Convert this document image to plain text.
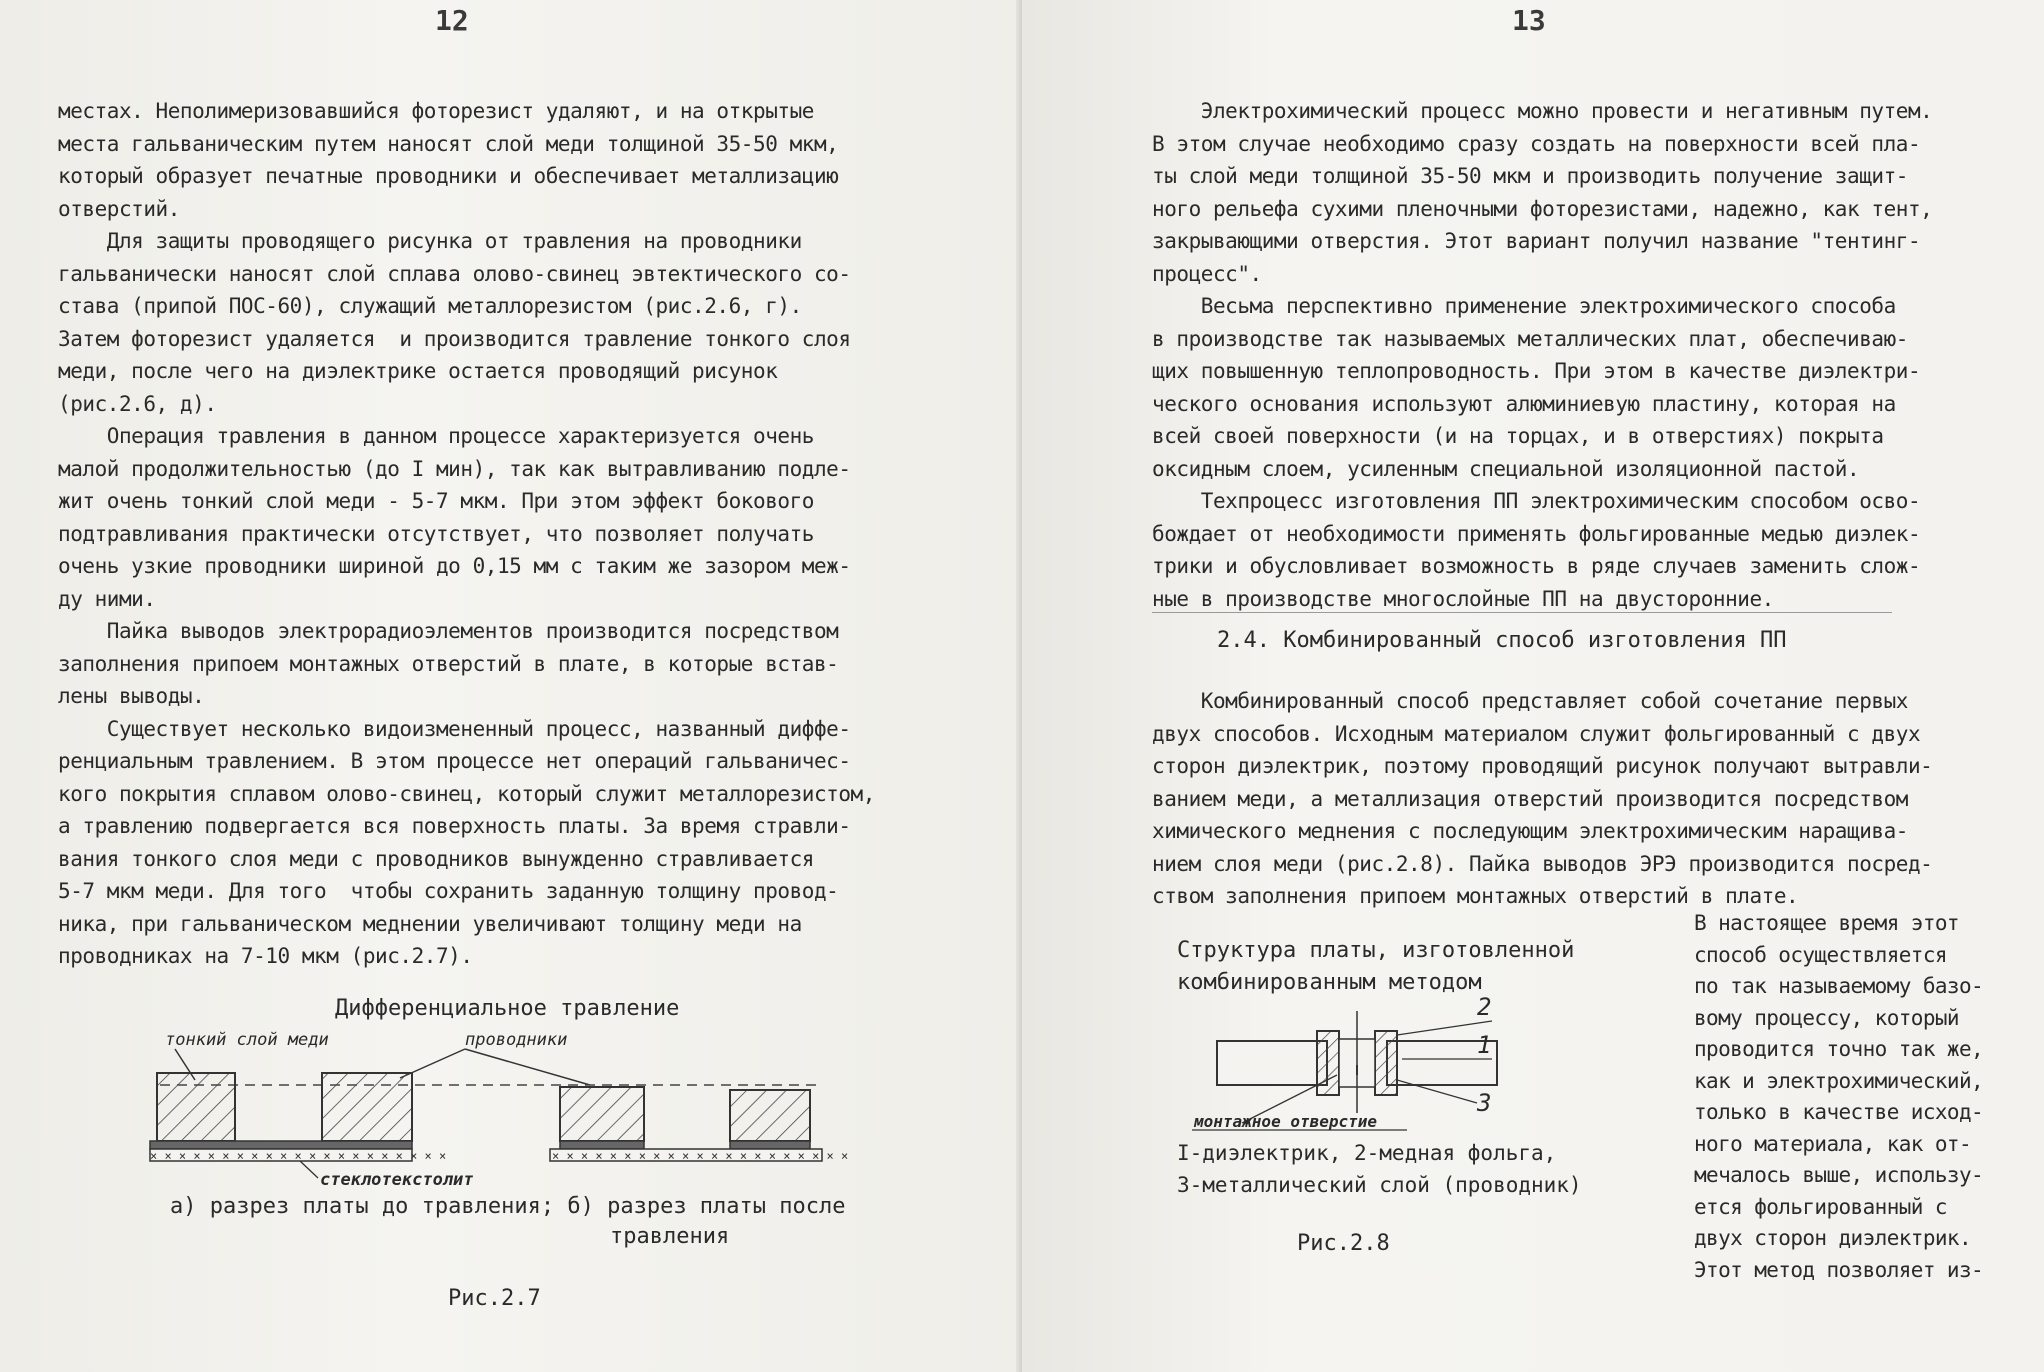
12
местах. Неполимеризовавшийся фоторезист удаляют, и на открытые
места гальваническим путем наносят слой меди толщиной 35-50 мкм,
который образует печатные проводники и обеспечивает металлизацию
отверстий.
Для защиты проводящего рисунка от травления на проводники
гальванически наносят слой сплава олово-свинец эвтектического со-
става (припой ПОС-60), служащий металлорезистом (рис.2.6, г).
Затем фоторезист удаляется  и производится травление тонкого слоя
меди, после чего на диэлектрике остается проводящий рисунок
(рис.2.6, д).
Операция травления в данном процессе характеризуется очень
малой продолжительностью (до I мин), так как вытравливанию подле-
жит очень тонкий слой меди - 5-7 мкм. При этом эффект бокового
подтравливания практически отсутствует, что позволяет получать
очень узкие проводники шириной до 0,15 мм с таким же зазором меж-
ду ними.
Пайка выводов электрорадиоэлементов производится посредством
заполнения припоем монтажных отверстий в плате, в которые встав-
лены выводы.
Существует несколько видоизмененный процесс, названный диффе-
ренциальным травлением. В этом процессе нет операций гальваничес-
кого покрытия сплавом олово-свинец, который служит металлорезистом,
а травлению подвергается вся поверхность платы. За время стравли-
вания тонкого слоя меди с проводников вынужденно стравливается
5-7 мкм меди. Для того  чтобы сохранить заданную толщину провод-
ника, при гальваническом меднении увеличивают толщину меди на
проводниках на 7-10 мкм (рис.2.7).
Дифференциальное травление
тонкий слой меди	проводники
× × × × × × × × × × × × × × × × × × × × ×	× × × × × × × × × × × × × × × × × × × × ×
стеклотекстолит
а) разрез платы до травления; б) разрез платы после
травления
Рис.2.7
13
Электрохимический процесс можно провести и негативным путем.
В этом случае необходимо сразу создать на поверхности всей пла-
ты слой меди толщиной 35-50 мкм и производить получение защит-
ного рельефа сухими пленочными фоторезистами, надежно, как тент,
закрывающими отверстия. Этот вариант получил название "тентинг-
процесс".
Весьма перспективно применение электрохимического способа
в производстве так называемых металлических плат, обеспечиваю-
щих повышенную теплопроводность. При этом в качестве диэлектри-
ческого основания используют алюминиевую пластину, которая на
всей своей поверхности (и на торцах, и в отверстиях) покрыта
оксидным слоем, усиленным специальной изоляционной пастой.
Техпроцесс изготовления ПП электрохимическим способом осво-
бождает от необходимости применять фольгированные медью диэлек-
трики и обусловливает возможность в ряде случаев заменить слож-
ные в производстве многослойные ПП на двусторонние.
2.4. Комбинированный способ изготовления ПП
Комбинированный способ представляет собой сочетание первых
двух способов. Исходным материалом служит фольгированный с двух
сторон диэлектрик, поэтому проводящий рисунок получают вытравли-
ванием меди, а металлизация отверстий производится посредством
химического меднения с последующим электрохимическим наращива-
нием слоя меди (рис.2.8). Пайка выводов ЭРЭ производится посред-
ством заполнения припоем монтажных отверстий в плате.
В настоящее время этот
способ осуществляется
по так называемому базо-
вому процессу, который
проводится точно так же,
как и электрохимический,
только в качестве исход-
ного материала, как от-
мечалось выше, использу-
ется фольгированный с
двух сторон диэлектрик.
Этот метод позволяет из-
Структура платы, изготовленной
комбинированным методом
2
1
3
монтажное отверстие
I-диэлектрик, 2-медная фольга,
3-металлический слой (проводник)
Рис.2.8
